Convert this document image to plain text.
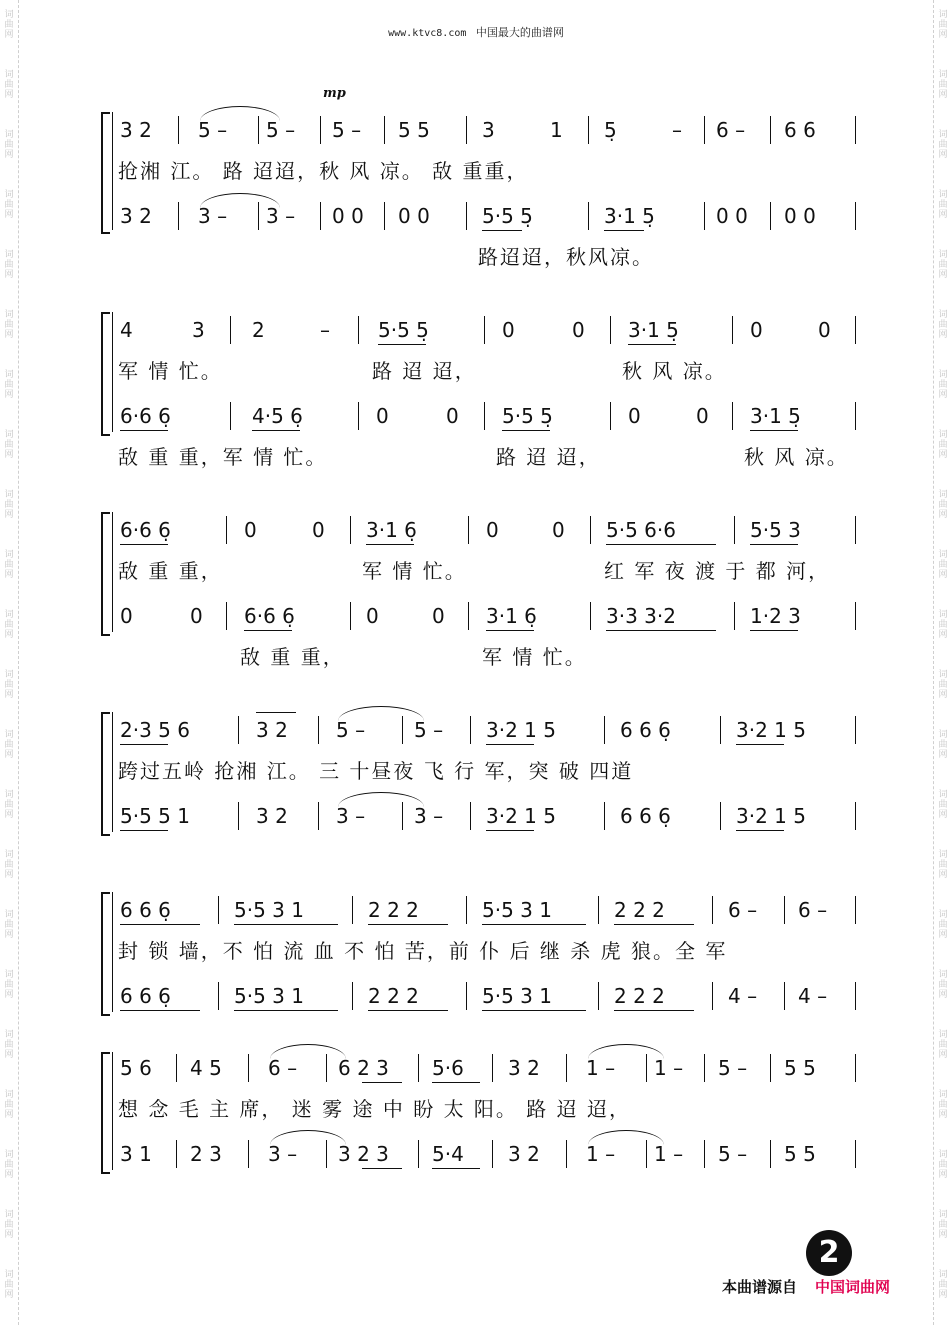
词
曲
网
词
曲
网
词
曲
网
词
曲
网
词
曲
网
词
曲
网
词
曲
网
词
曲
网
词
曲
网
词
曲
网
词
曲
网
词
曲
网
词
曲
网
词
曲
网
词
曲
网
词
曲
网
词
曲
网
词
曲
网
词
曲
网
词
曲
网
词
曲
网
词
曲
网
词
曲
网
词
曲
网
词
曲
网
词
曲
网
词
曲
网
词
曲
网
词
曲
网
词
曲
网
词
曲
网
词
曲
网
词
曲
网
词
曲
网
词
曲
网
词
曲
网
词
曲
网
词
曲
网
词
曲
网
词
曲
网
词
曲
网
词
曲
网
词
曲
网
词
曲
网
www.ktvc8.com 中国最大的曲谱网
mp
3 2 5 – 5 – 5 – 5 5	3	1 5̣	– 6 – 6 6
抢湘 江。 路 迢迢，秋 风 凉。 敌 重重，
3 2 3 – 3 – 0 0 0 0	5·5 5̣	3·1 5̣	0 0 0 0
路迢迢，秋风凉。
4	3 2	– 5·5 5̣	0	0 3·1 5̣	0	0
军 情 忙。	路 迢 迢，	秋 风 凉。
6·6 6̣	4·5 6̣	0	0 5·5 5̣	0	0 3·1 5̣
敌 重 重，军 情 忙。	路 迢 迢，	秋 风 凉。
6·6 6̣	0	0 3·1 6̣	0	0 5·5 6·6	5·5 3
敌 重 重，	军 情 忙。	红 军 夜 渡 于 都 河，
0	0 6·6 6̣	0	0 3·1 6̣	3·3 3·2	1·2 3
敌 重 重，	军 情 忙。
2·3 5 6	3 2 5 – 5 – 3·2 1 5	6 6 6̣	3·2 1 5
跨过五岭 抢湘 江。 三 十昼夜 飞 行 军，突 破 四道
5·5 5 1	3 2 3 – 3 – 3·2 1 5	6 6 6̣	3·2 1 5
6 6 6̣	5·5 3 1	2 2 2	5·5 3 1	2 2 2	6 – 6 –
封 锁 墙，不 怕 流 血 不 怕 苦，前 仆 后 继 杀 虎 狼。全 军
6 6 6̣	5·5 3 1	2 2 2	5·5 3 1	2 2 2	4 – 4 –
5 6 4 5 6 – 6 2 3 5·6 3 2 1 – 1 – 5 – 5 5
想 念 毛 主 席， 迷 雾 途 中 盼 太 阳。 路 迢 迢，
3 1 2 3 3 – 3 2 3 5·4 3 2 1 – 1 – 5 – 5 5
2
本曲谱源自 中国词曲网
